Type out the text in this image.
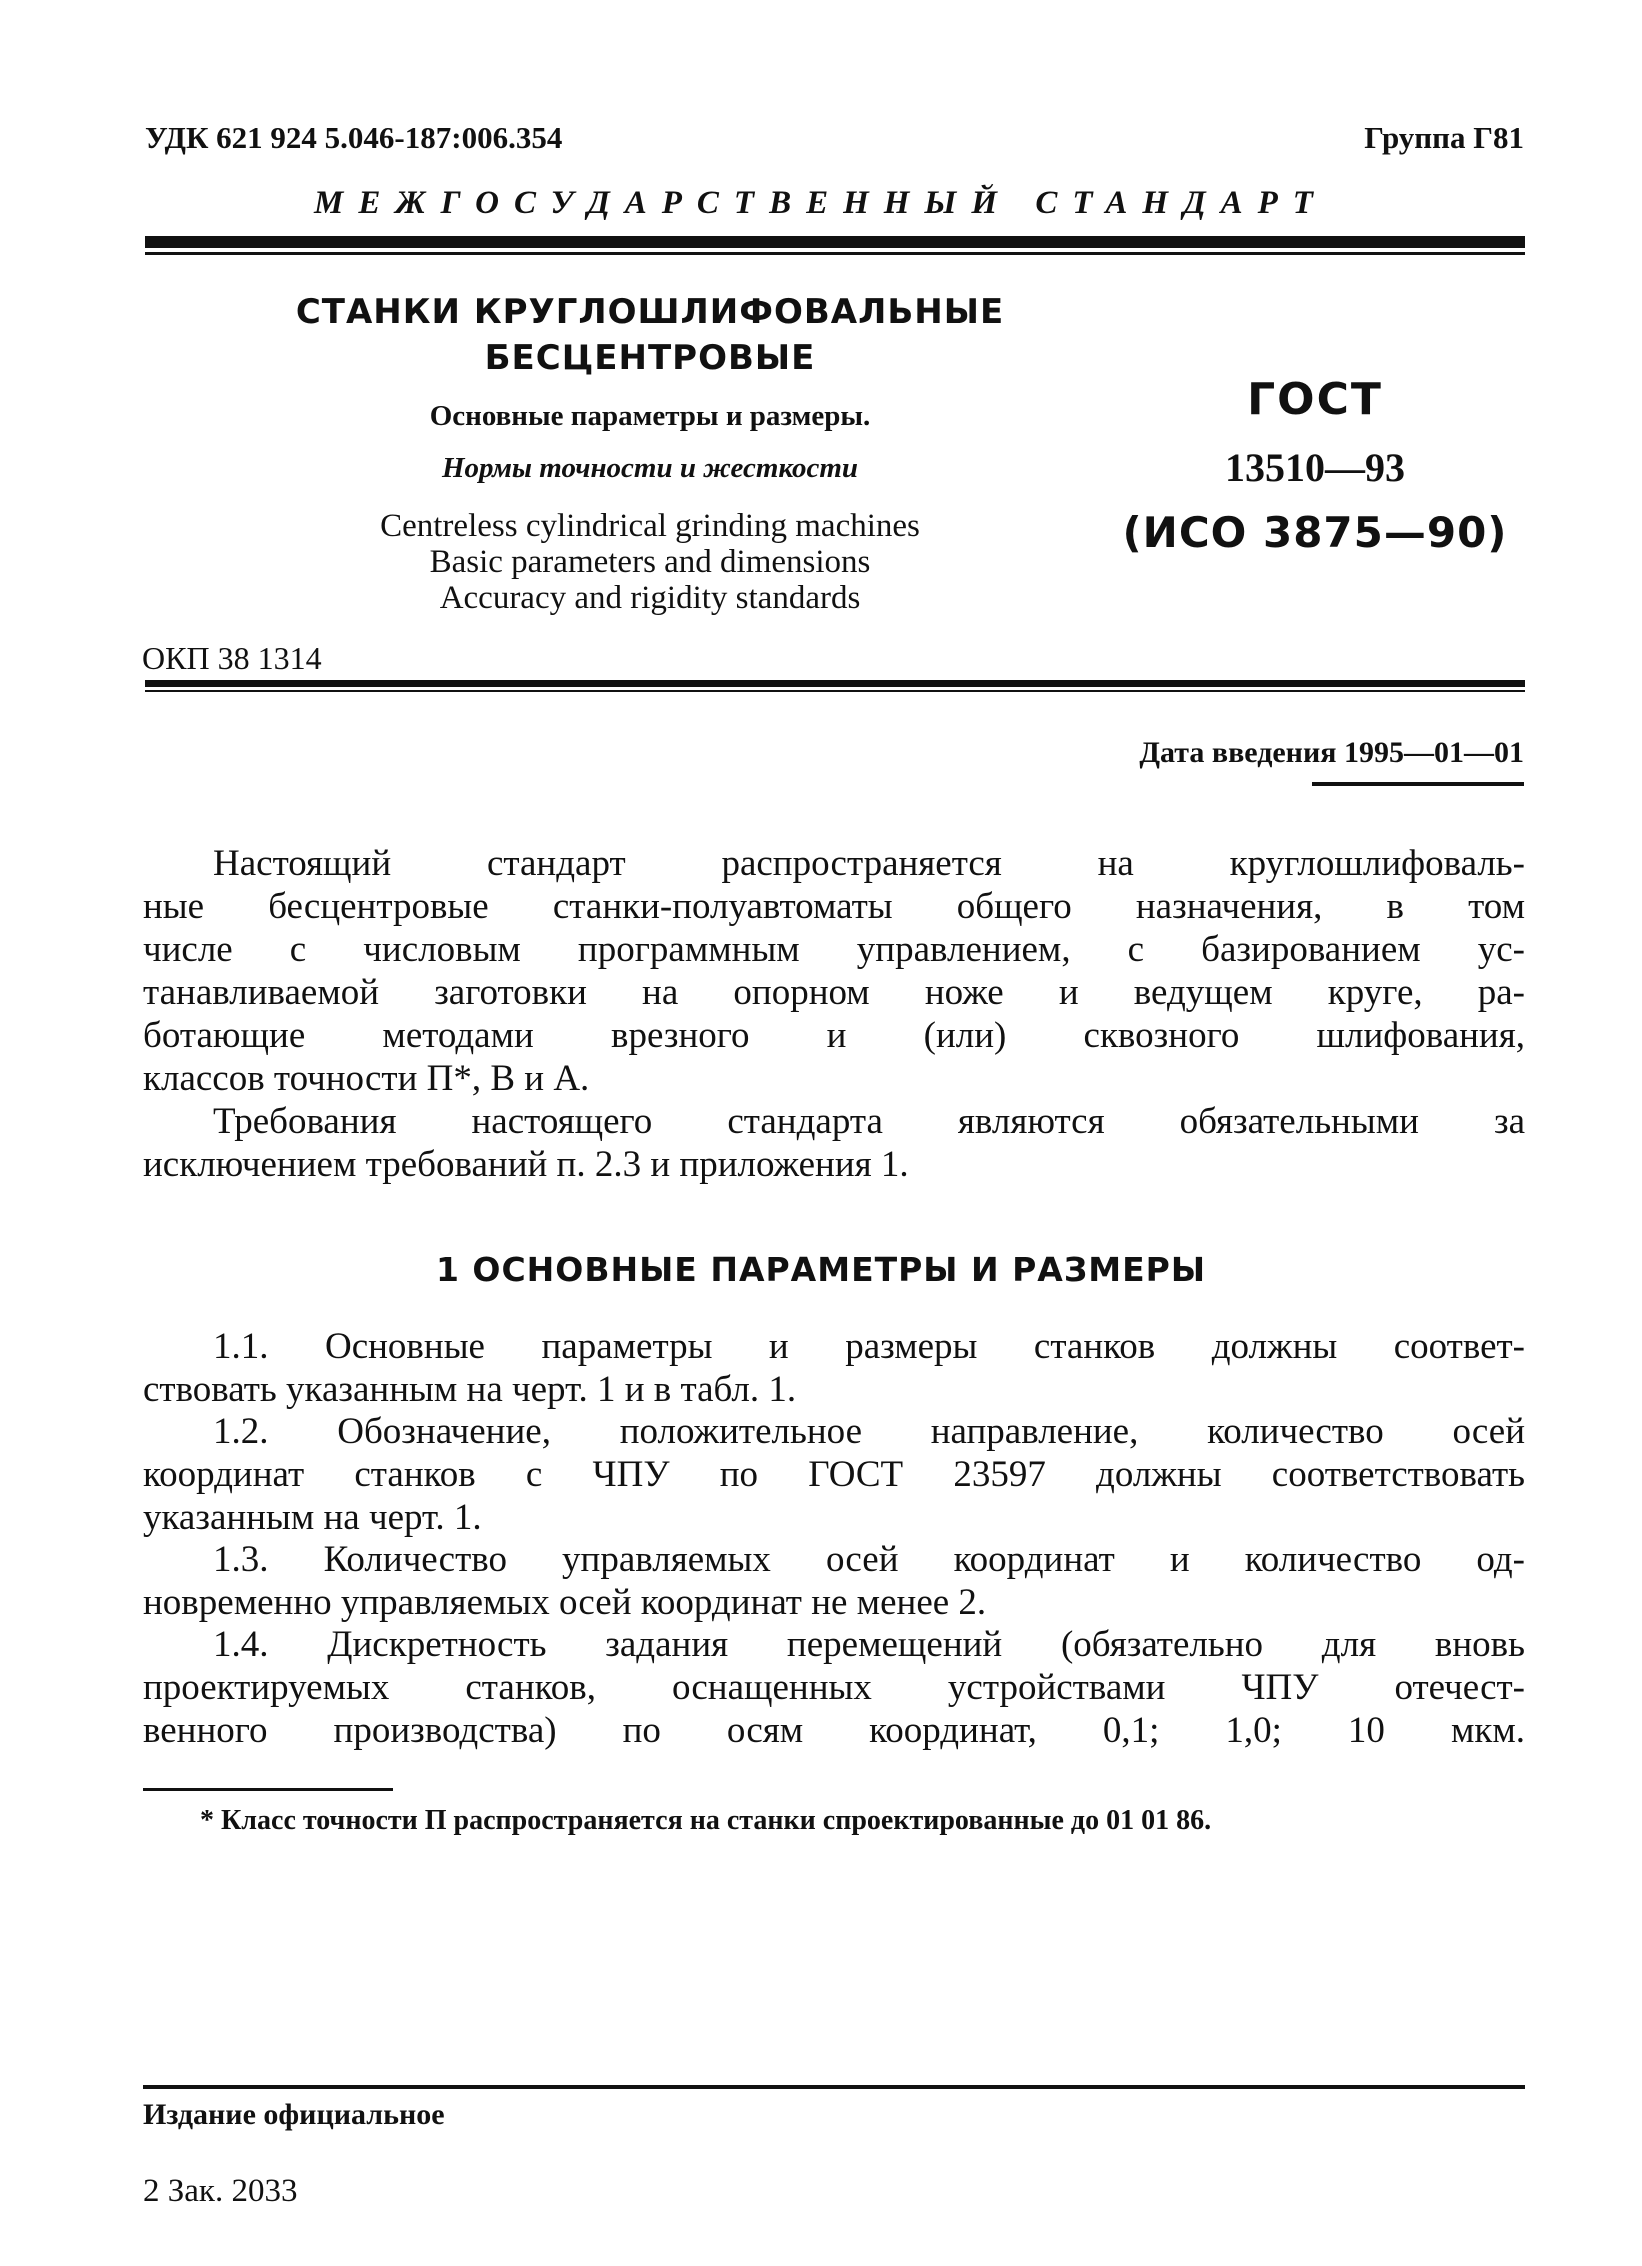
УДК 621 924 5.046-187:006.354	Группа Г81
МЕЖГОСУДАРСТВЕННЫЙ СТАНДАРТ
СТАНКИ КРУГЛОШЛИФОВАЛЬНЫЕ
БЕСЦЕНТРОВЫЕ
Основные параметры и размеры.
Нормы точности и жесткости
Centreless cylindrical grinding machines
Basic parameters and dimensions
Accuracy and rigidity standards
ОКП 38 1314
ГОСТ
13510—93
(ИСО 3875—90)
Дата введения 1995—01—01
Настоящий стандарт распространяется на круглошлифоваль-
ные бесцентровые станки-полуавтоматы общего назначения, в том
числе с числовым программным управлением, с базированием ус-
танавливаемой заготовки на опорном ноже и ведущем круге, ра-
ботающие методами врезного и (или) сквозного шлифования,
классов точности П*, В и А.
Требования настоящего стандарта являются обязательными за
исключением требований п. 2.3 и приложения 1.
1 ОСНОВНЫЕ ПАРАМЕТРЫ И РАЗМЕРЫ
1.1. Основные параметры и размеры станков должны соответ-
ствовать указанным на черт. 1 и в табл. 1.
1.2. Обозначение, положительное направление, количество осей
координат станков с ЧПУ по ГОСТ 23597 должны соответствовать
указанным на черт. 1.
1.3. Количество управляемых осей координат и количество од-
новременно управляемых осей координат не менее 2.
1.4. Дискретность задания перемещений (обязательно для вновь
проектируемых станков, оснащенных устройствами ЧПУ отечест-
венного производства) по осям координат, 0,1; 1,0; 10 мкм.
* Класс точности П распространяется на станки спроектированные до 01 01 86.
Издание официальное
2 Зак. 2033
